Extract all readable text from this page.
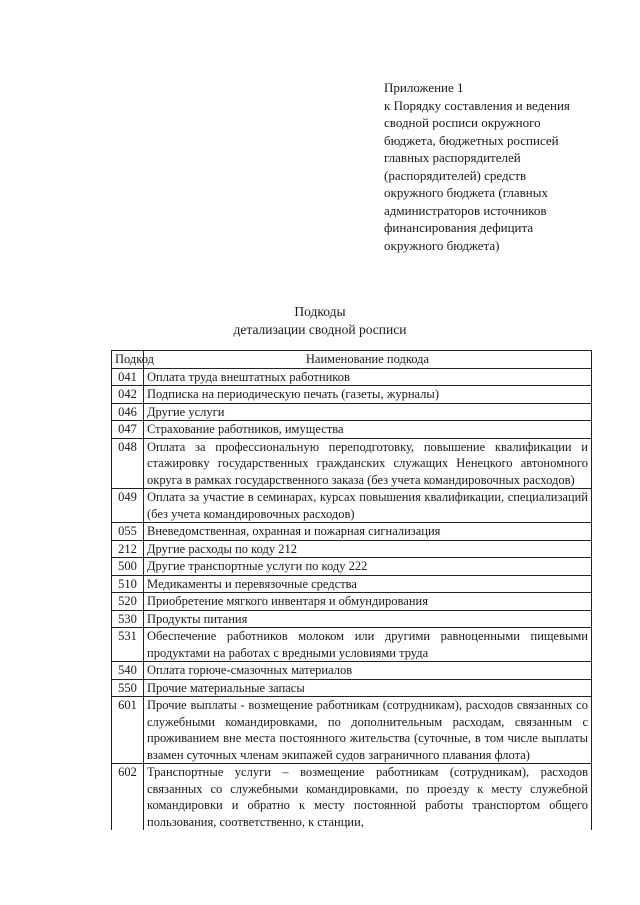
Приложение 1
к Порядку составления и ведения
сводной росписи окружного
бюджета, бюджетных росписей
главных распорядителей
(распорядителей) средств
окружного бюджета (главных
администраторов источников
финансирования дефицита
окружного бюджета)
Подкоды
детализации сводной росписи
Подкод	Наименование подкода
041	Оплата труда внештатных работников
042	Подписка на периодическую печать (газеты, журналы)
046	Другие услуги
047	Страхование работников, имущества
048	Оплата за профессиональную переподготовку, повышение квалификации и стажировку государственных гражданских служащих Ненецкого автономного округа в рамках государственного заказа (без учета командировочных расходов)
049	Оплата за участие в семинарах, курсах повышения квалификации, специализаций (без учета командировочных расходов)
055	Вневедомственная, охранная и пожарная сигнализация
212	Другие расходы по коду 212
500	Другие транспортные услуги по коду 222
510	Медикаменты и перевязочные средства
520	Приобретение мягкого инвентаря и обмундирования
530	Продукты питания
531	Обеспечение работников молоком или другими равноценными пищевыми продуктами на работах с вредными условиями труда
540	Оплата горюче-смазочных материалов
550	Прочие материальные запасы
601	Прочие выплаты - возмещение работникам (сотрудникам), расходов связанных со служебными командировками, по дополнительным расходам, связанным с проживанием вне места постоянного жительства (суточные, в том числе выплаты взамен суточных членам экипажей судов заграничного плавания флота)
602	Транспортные услуги – возмещение работникам (сотрудникам), расходов связанных со служебными командировками, по проезду к месту служебной командировки и обратно к месту постоянной работы транспортом общего пользования, соответственно, к станции,
